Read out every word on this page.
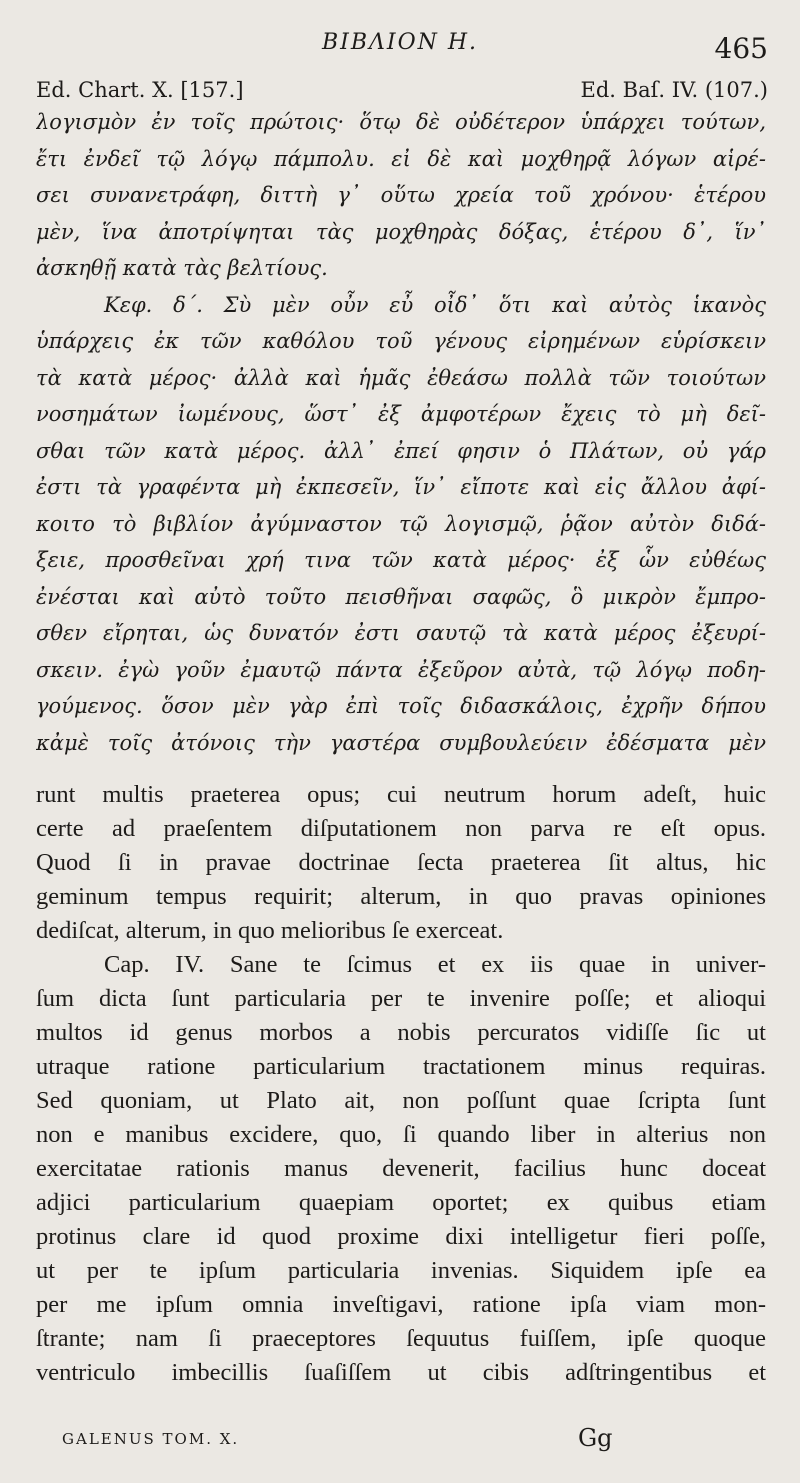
BIBΛIΟΝ Η.	465
Ed. Chart. X. [157.]	Ed. Baſ. IV. (107.)
λογισμὸν ἐν τοῖς πρώτοις· ὅτῳ δὲ οὐδέτερον ὑπάρχει τούτων,
ἔτι ἐνδεῖ τῷ λόγῳ πάμπολυ. εἰ δὲ καὶ μοχθηρᾷ λόγων αἱρέ-
σει συνανετράφη, διττὴ γ᾽ οὕτω χρεία τοῦ χρόνου· ἑτέρου
μὲν, ἵνα ἀποτρίψηται τὰς μοχθηρὰς δόξας, ἑτέρου δ᾽, ἵν᾽
ἀσκηθῇ κατὰ τὰς βελτίους.
Κεφ. δ΄. Σὺ μὲν οὖν εὖ οἶδ᾽ ὅτι καὶ αὐτὸς ἱκανὸς
ὑπάρχεις ἐκ τῶν καθόλου τοῦ γένους εἰρημένων εὑρίσκειν
τὰ κατὰ μέρος· ἀλλὰ καὶ ἡμᾶς ἐθεάσω πολλὰ τῶν τοιούτων
νοσημάτων ἰωμένους, ὥστ᾽ ἐξ ἀμφοτέρων ἔχεις τὸ μὴ δεῖ-
σθαι τῶν κατὰ μέρος. ἀλλ᾽ ἐπεί φησιν ὁ Πλάτων, οὐ γάρ
ἐστι τὰ γραφέντα μὴ ἐκπεσεῖν, ἵν᾽ εἴποτε καὶ εἰς ἄλλου ἀφί-
κοιτο τὸ βιβλίον ἀγύμναστον τῷ λογισμῷ, ῥᾷον αὐτὸν διδά-
ξειε, προσθεῖναι χρή τινα τῶν κατὰ μέρος· ἐξ ὧν εὐθέως
ἐνέσται καὶ αὐτὸ τοῦτο πεισθῆναι σαφῶς, ὃ μικρὸν ἔμπρο-
σθεν εἴρηται, ὡς δυνατόν ἐστι σαυτῷ τὰ κατὰ μέρος ἐξευρί-
σκειν. ἐγὼ γοῦν ἐμαυτῷ πάντα ἐξεῦρον αὐτὰ, τῷ λόγῳ ποδη-
γούμενος. ὅσον μὲν γὰρ ἐπὶ τοῖς διδασκάλοις, ἐχρῆν δήπου
κἀμὲ τοῖς ἀτόνοις τὴν γαστέρα συμβουλεύειν ἐδέσματα μὲν
runt multis praeterea opus; cui neutrum horum adeſt, huic
certe ad praeſentem diſputationem non parva re eſt opus.
Quod ſi in pravae doctrinae ſecta praeterea ſit altus, hic
geminum tempus requirit; alterum, in quo pravas opiniones
dediſcat, alterum, in quo melioribus ſe exerceat.
Cap. IV. Sane te ſcimus et ex iis quae in univer-
ſum dicta ſunt particularia per te invenire poſſe; et alioqui
multos id genus morbos a nobis percuratos vidiſſe ſic ut
utraque ratione particularium tractationem minus requiras.
Sed quoniam, ut Plato ait, non poſſunt quae ſcripta ſunt
non e manibus excidere, quo, ſi quando liber in alterius non
exercitatae rationis manus devenerit, facilius hunc doceat
adjici particularium quaepiam oportet; ex quibus etiam
protinus clare id quod proxime dixi intelligetur fieri poſſe,
ut per te ipſum particularia invenias. Siquidem ipſe ea
per me ipſum omnia inveſtigavi, ratione ipſa viam mon-
ſtrante; nam ſi praeceptores ſequutus fuiſſem, ipſe quoque
ventriculo imbecillis ſuaſiſſem ut cibis adſtringentibus et
GALENUS TOM. X.	Gg
